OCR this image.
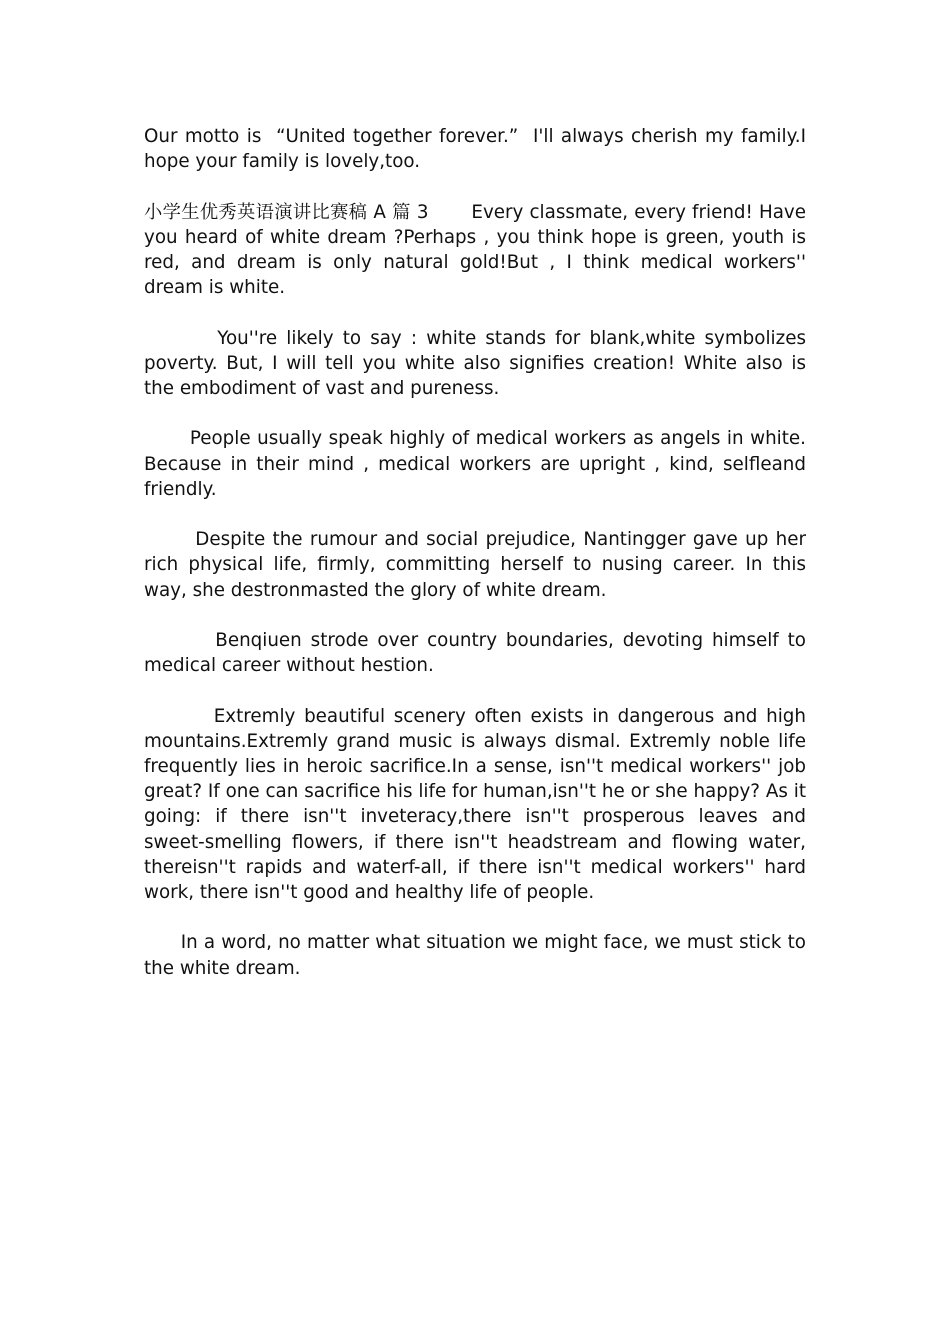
Our motto is  “United together forever.”  I'll always cherish my family.I hope your family is lovely,too.

小学生优秀英语演讲比赛稿 A 篇 3       Every classmate, every friend! Have you heard of white dream ?Perhaps , you think hope is green, youth is red, and dream is only natural gold!But , I think medical workers'' dream is white.

You''re likely to say : white stands for blank,white symbolizes poverty. But, I will tell you white also signifies creation! White also is the embodiment of vast and pureness.

People usually speak highly of medical workers as angels in white. Because in their mind , medical workers are upright , kind, selfleand friendly.

Despite the rumour and social prejudice, Nantingger gave up her rich physical life, firmly, committing herself to nusing career. In this way, she destronmasted the glory of white dream.

Benqiuen strode over country boundaries, devoting himself to medical career without hestion.

Extremly beautiful scenery often exists in dangerous and high mountains.Extremly grand music is always dismal. Extremly noble life frequently lies in heroic sacrifice.In a sense, isn''t medical workers'' job great? If one can sacrifice his life for human,isn''t he or she happy? As it going: if there isn''t inveteracy,there isn''t prosperous leaves and sweet-smelling flowers, if there isn''t headstream and flowing water, thereisn''t rapids and waterf-all, if there isn''t medical workers'' hard work, there isn''t good and healthy life of people.

In a word, no matter what situation we might face, we must stick to the white dream.
